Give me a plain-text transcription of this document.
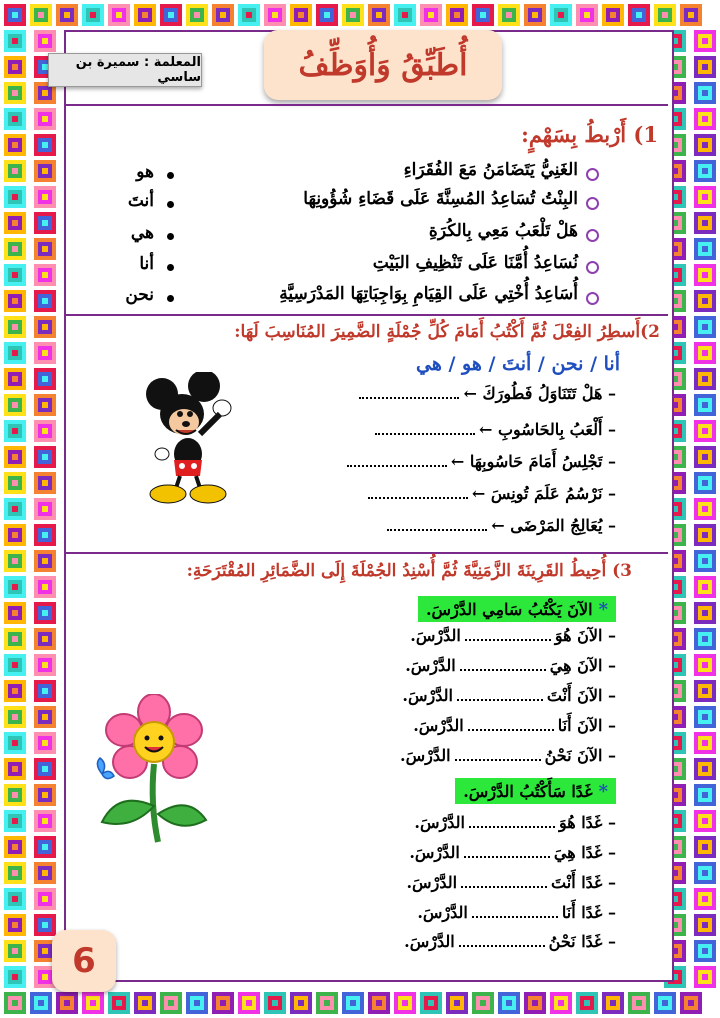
أُطَبِّقُ وَأُوَظِّفُ
المعلمة : سميرة بن ساسي
1) أَرْبطُ بِسَهْمٍ:
الغَنِيُّ يَتَضَامَنُ مَعَ الفُقَرَاءِ
البِنْتُ تُسَاعِدُ المُسِنَّةَ عَلَى قَضَاءِ شُؤُونِهَا
هَلْ تَلْعَبُ مَعِي بِالكُرَةِ
نُسَاعِدُ أُمَّنَا عَلَى تَنْظِيفِ البَيْتِ
أُسَاعِدُ أُخْتِي عَلَى القِيَامِ بِوَاجِبَاتِهَا المَدْرَسِيَّةِ
هو
أنتَ
هي
أنا
نحن
2)أَسطِرُ الفِعْلَ ثُمَّ أَكْتُبُ أَمَامَ كُلِّ جُمْلَةٍ الضَّمِيرَ المُنَاسِبَ لَهَا:
أنا / نحن / أنتَ / هو / هي
–
هَلْ تَتَنَاوَلُ فَطُورَكَ
←
–
أَلْعَبُ بِالحَاسُوبِ
←
–
تَجْلِسُ أَمَامَ حَاسُوبِهَا
←
–
نَرْسُمُ عَلَمَ تُونِسَ
←
–
يُعَالِجُ المَرْضَى
←
3) أُحِيطُ القَرِينَةَ الزَّمَنِيَّةَ ثُمَّ أُسْنِدُ الجُمْلَةَ إِلَى الضَّمَائِرِ المُقْتَرَحَةِ:
*
الآنَ يَكْتُبُ سَامِي الدَّرْسَ.
–
الآنَ هُوَ
الدَّرْسَ.
–
الآنَ هِيَ
الدَّرْسَ.
–
الآنَ أَنْتَ
الدَّرْسَ.
–
الآنَ أَنَا
الدَّرْسَ.
–
الآنَ نَحْنُ
الدَّرْسَ.
*
غَدًا سَأَكْتُبُ الدَّرْسَ.
–
غَدًا هُوَ
الدَّرْسَ.
–
غَدًا هِيَ
الدَّرْسَ.
–
غَدًا أَنْتَ
الدَّرْسَ.
–
غَدًا أَنَا
الدَّرْسَ.
–
غَدًا نَحْنُ
الدَّرْسَ.
6
